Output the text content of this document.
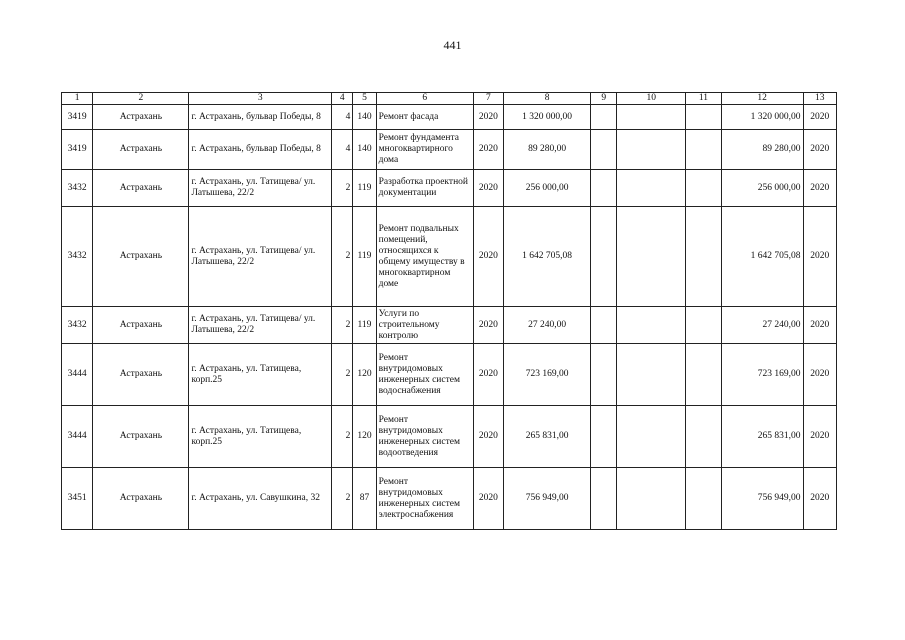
441
1	2	3	4	5	6	7	8	9	10	11	12	13
3419	Астрахань	г. Астрахань, бульвар Победы, 8	4	140	Ремонт фасада	2020	1 320 000,00				1 320 000,00	2020
3419	Астрахань	г. Астрахань, бульвар Победы, 8	4	140	Ремонт фундамента многоквартирного дома	2020	89 280,00				89 280,00	2020
3432	Астрахань	г. Астрахань, ул. Татищева/ ул. Латышева, 22/2	2	119	Разработка проектной документации	2020	256 000,00				256 000,00	2020
3432	Астрахань	г. Астрахань, ул. Татищева/ ул. Латышева, 22/2	2	119	Ремонт подвальных помещений, относящихся к общему имуществу в многоквартирном доме	2020	1 642 705,08				1 642 705,08	2020
3432	Астрахань	г. Астрахань, ул. Татищева/ ул. Латышева, 22/2	2	119	Услуги по строительному контролю	2020	27 240,00				27 240,00	2020
3444	Астрахань	г. Астрахань, ул. Татищева, корп.25	2	120	Ремонт внутридомовых инженерных систем водоснабжения	2020	723 169,00				723 169,00	2020
3444	Астрахань	г. Астрахань, ул. Татищева, корп.25	2	120	Ремонт внутридомовых инженерных систем водоотведения	2020	265 831,00				265 831,00	2020
3451	Астрахань	г. Астрахань, ул. Савушкина, 32	2	87	Ремонт внутридомовых инженерных систем электроснабжения	2020	756 949,00				756 949,00	2020
